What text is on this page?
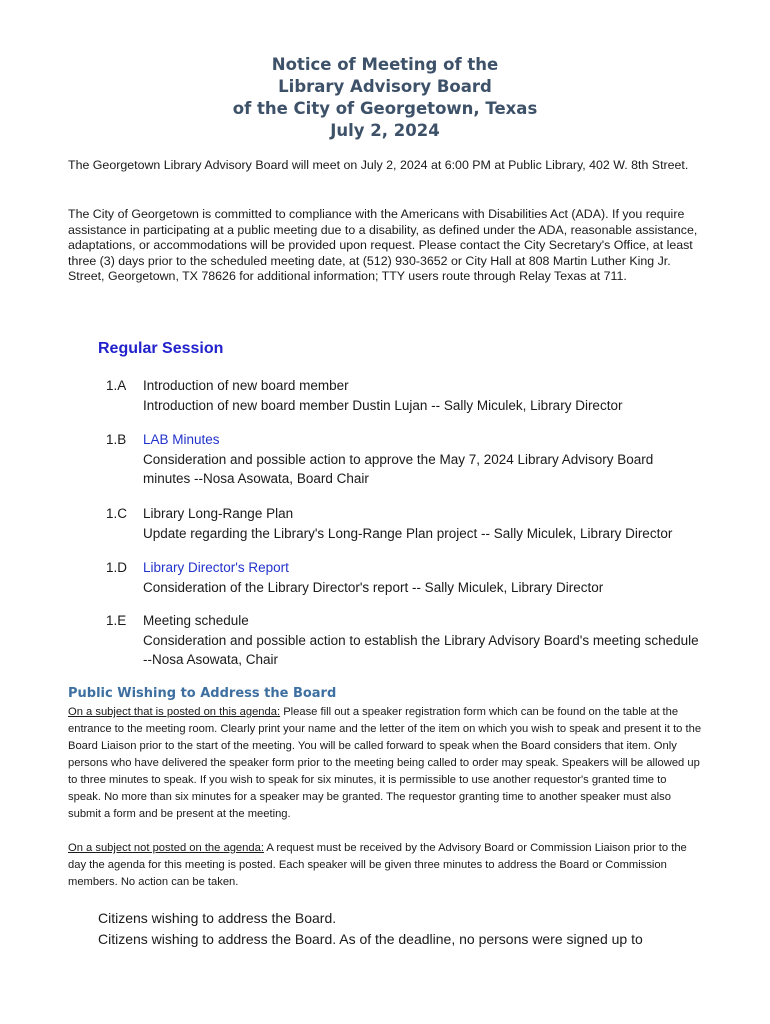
Notice of Meeting of the
Library Advisory Board
of the City of Georgetown, Texas
July 2, 2024
The Georgetown Library Advisory Board will meet on July 2, 2024 at 6:00 PM at Public Library, 402 W. 8th Street.
The City of Georgetown is committed to compliance with the Americans with Disabilities Act (ADA). If you require assistance in participating at a public meeting due to a disability, as defined under the ADA, reasonable assistance, adaptations, or accommodations will be provided upon request. Please contact the City Secretary's Office, at least three (3) days prior to the scheduled meeting date, at (512) 930-3652 or City Hall at 808 Martin Luther King Jr. Street, Georgetown, TX 78626 for additional information; TTY users route through Relay Texas at 711.
Regular Session
1.A	Introduction of new board member
Introduction of new board member Dustin Lujan -- Sally Miculek, Library Director
1.B	LAB Minutes
Consideration and possible action to approve the May 7, 2024 Library Advisory Board minutes --Nosa Asowata, Board Chair
1.C	Library Long-Range Plan
Update regarding the Library's Long-Range Plan project -- Sally Miculek, Library Director
1.D	Library Director's Report
Consideration of the Library Director's report -- Sally Miculek, Library Director
1.E	Meeting schedule
Consideration and possible action to establish the Library Advisory Board's meeting schedule --Nosa Asowata, Chair
Public Wishing to Address the Board
On a subject that is posted on this agenda: Please fill out a speaker registration form which can be found on the table at the entrance to the meeting room. Clearly print your name and the letter of the item on which you wish to speak and present it to the Board Liaison prior to the start of the meeting. You will be called forward to speak when the Board considers that item. Only persons who have delivered the speaker form prior to the meeting being called to order may speak. Speakers will be allowed up to three minutes to speak. If you wish to speak for six minutes, it is permissible to use another requestor's granted time to speak. No more than six minutes for a speaker may be granted. The requestor granting time to another speaker must also submit a form and be present at the meeting.
On a subject not posted on the agenda: A request must be received by the Advisory Board or Commission Liaison prior to the day the agenda for this meeting is posted. Each speaker will be given three minutes to address the Board or Commission members. No action can be taken.
Citizens wishing to address the Board.
Citizens wishing to address the Board. As of the deadline, no persons were signed up to
